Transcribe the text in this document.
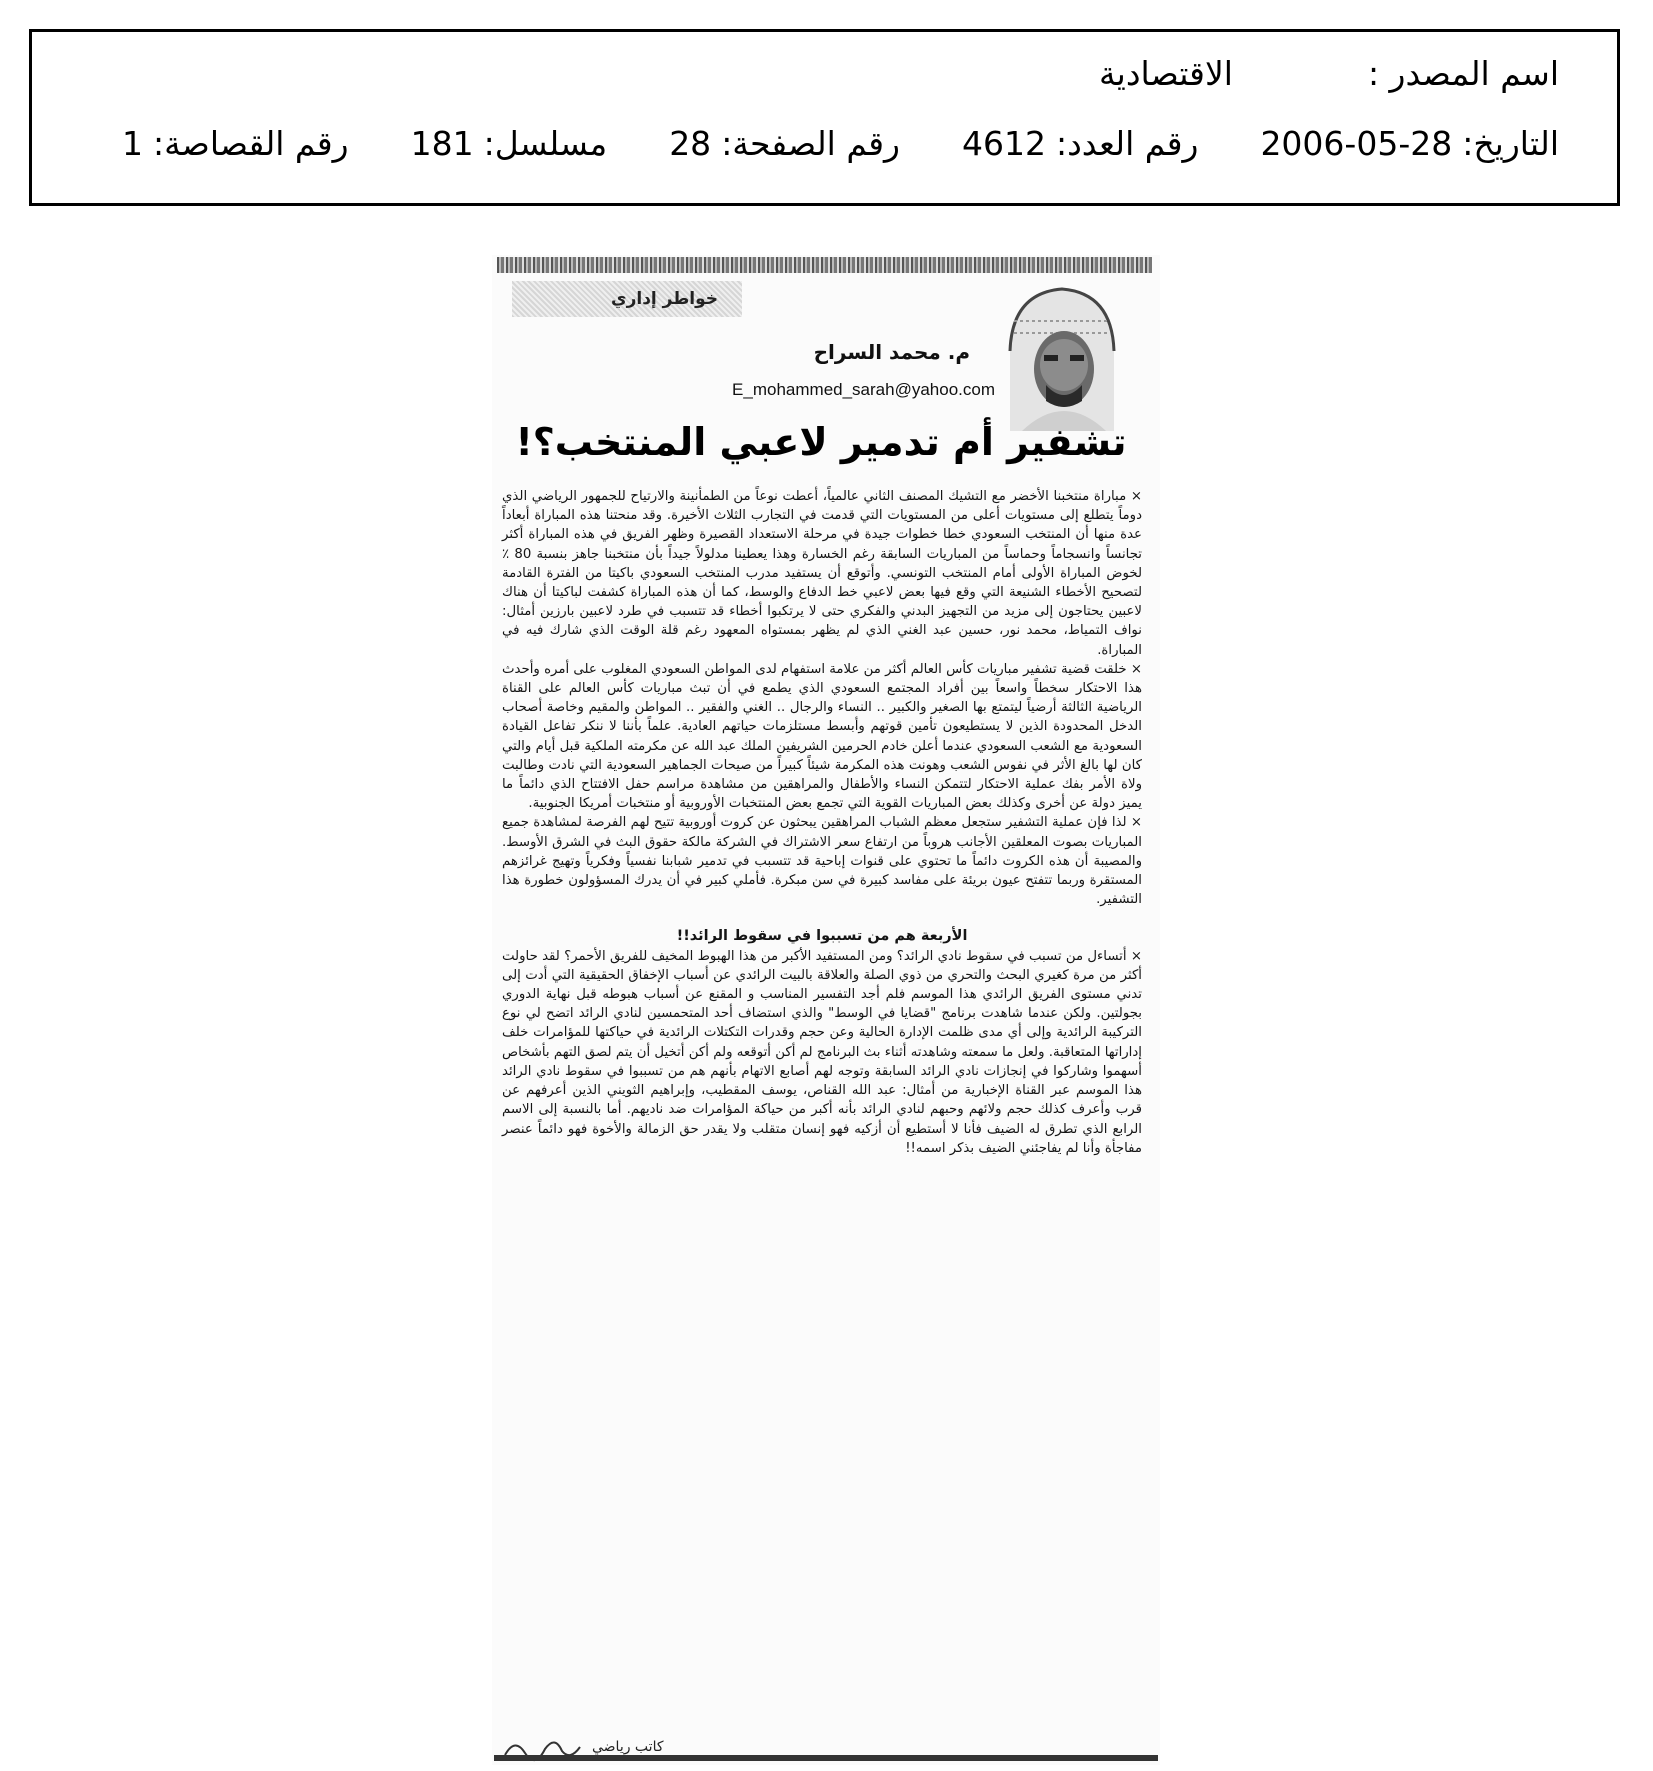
اسم المصدر :
الاقتصادية
التاريخ:
2006-05-28
رقم العدد:
4612
رقم الصفحة:
28
مسلسل:
181
رقم القصاصة:
1
خواطر إداري
م. محمد السراح
E_mohammed_sarah@yahoo.com
تشفير أم تدمير لاعبي المنتخب؟!

× مباراة منتخبنا الأخضر مع التشيك المصنف الثاني عالمياً، أعطت نوعاً من الطمأنينة والارتياح للجمهور الرياضي الذي دوماً يتطلع إلى مستويات أعلى من المستويات التي قدمت في التجارب الثلاث الأخيرة. وقد منحتنا هذه المباراة أبعاداً عدة منها أن المنتخب السعودي خطا خطوات جيدة في مرحلة الاستعداد القصيرة وظهر الفريق في هذه المباراة أكثر تجانساً وانسجاماً وحماساً من المباريات السابقة رغم الخسارة وهذا يعطينا مدلولاً جيداً بأن منتخبنا جاهز بنسبة 80 ٪ لخوض المباراة الأولى أمام المنتخب التونسي. وأتوقع أن يستفيد مدرب المنتخب السعودي باكيتا من الفترة القادمة لتصحيح الأخطاء الشنيعة التي وقع فيها بعض لاعبي خط الدفاع والوسط، كما أن هذه المباراة كشفت لباكيتا أن هناك لاعبين يحتاجون إلى مزيد من التجهيز البدني والفكري حتى لا يرتكبوا أخطاء قد تتسبب في طرد لاعبين بارزين أمثال: نواف التمياط، محمد نور، حسين عبد الغني الذي لم يظهر بمستواه المعهود رغم قلة الوقت الذي شارك فيه في المباراة.

× خلقت قضية تشفير مباريات كأس العالم أكثر من علامة استفهام لدى المواطن السعودي المغلوب على أمره وأحدث هذا الاحتكار سخطاً واسعاً بين أفراد المجتمع السعودي الذي يطمع في أن تبث مباريات كأس العالم على القناة الرياضية الثالثة أرضياً ليتمتع بها الصغير والكبير .. النساء والرجال .. الغني والفقير .. المواطن والمقيم وخاصة أصحاب الدخل المحدودة الذين لا يستطيعون تأمين قوتهم وأبسط مستلزمات حياتهم العادية. علماً بأننا لا ننكر تفاعل القيادة السعودية مع الشعب السعودي عندما أعلن خادم الحرمين الشريفين الملك عبد الله عن مكرمته الملكية قبل أيام والتي كان لها بالغ الأثر في نفوس الشعب وهونت هذه المكرمة شيئاً كبيراً من صيحات الجماهير السعودية التي نادت وطالبت ولاة الأمر بفك عملية الاحتكار لتتمكن النساء والأطفال والمراهقين من مشاهدة مراسم حفل الافتتاح الذي دائماً ما يميز دولة عن أخرى وكذلك بعض المباريات القوية التي تجمع بعض المنتخبات الأوروبية أو منتخبات أمريكا الجنوبية.

× لذا فإن عملية التشفير ستجعل معظم الشباب المراهقين يبحثون عن كروت أوروبية تتيح لهم الفرصة لمشاهدة جميع المباريات بصوت المعلقين الأجانب هروباً من ارتفاع سعر الاشتراك في الشركة مالكة حقوق البث في الشرق الأوسط. والمصيبة أن هذه الكروت دائماً ما تحتوي على قنوات إباحية قد تتسبب في تدمير شبابنا نفسياً وفكرياً وتهيج غرائزهم المستقرة وربما تتفتح عيون بريئة على مفاسد كبيرة في سن مبكرة. فأملي كبير في أن يدرك المسؤولون خطورة هذا التشفير.

الأربعة هم من تسببوا في سقوط الرائد!!

× أتساءل من تسبب في سقوط نادي الرائد؟ ومن المستفيد الأكبر من هذا الهبوط المخيف للفريق الأحمر؟ لقد حاولت أكثر من مرة كغيري البحث والتحري من ذوي الصلة والعلاقة بالبيت الرائدي عن أسباب الإخفاق الحقيقية التي أدت إلى تدني مستوى الفريق الرائدي هذا الموسم فلم أجد التفسير المناسب و المقنع عن أسباب هبوطه قبل نهاية الدوري بجولتين. ولكن عندما شاهدت برنامج "قضايا في الوسط" والذي استضاف أحد المتحمسين لنادي الرائد اتضح لي نوع التركيبة الرائدية وإلى أي مدى ظلمت الإدارة الحالية وعن حجم وقدرات التكتلات الرائدية في حياكتها للمؤامرات خلف إداراتها المتعاقبة. ولعل ما سمعته وشاهدته أثناء بث البرنامج لم أكن أتوقعه ولم أكن أتخيل أن يتم لصق التهم بأشخاص أسهموا وشاركوا في إنجازات نادي الرائد السابقة وتوجه لهم أصابع الاتهام بأنهم هم من تسببوا في سقوط نادي الرائد هذا الموسم عبر القناة الإخبارية من أمثال: عبد الله القناص، يوسف المقطيب، وإبراهيم الثويني الذين أعرفهم عن قرب وأعرف كذلك حجم ولائهم وحبهم لنادي الرائد بأنه أكبر من حياكة المؤامرات ضد ناديهم. أما بالنسبة إلى الاسم الرابع الذي تطرق له الضيف فأنا لا أستطيع أن أزكيه فهو إنسان متقلب ولا يقدر حق الزمالة والأخوة فهو دائماً عنصر مفاجأة وأنا لم يفاجئني الضيف بذكر اسمه!!

كاتب رياضي
